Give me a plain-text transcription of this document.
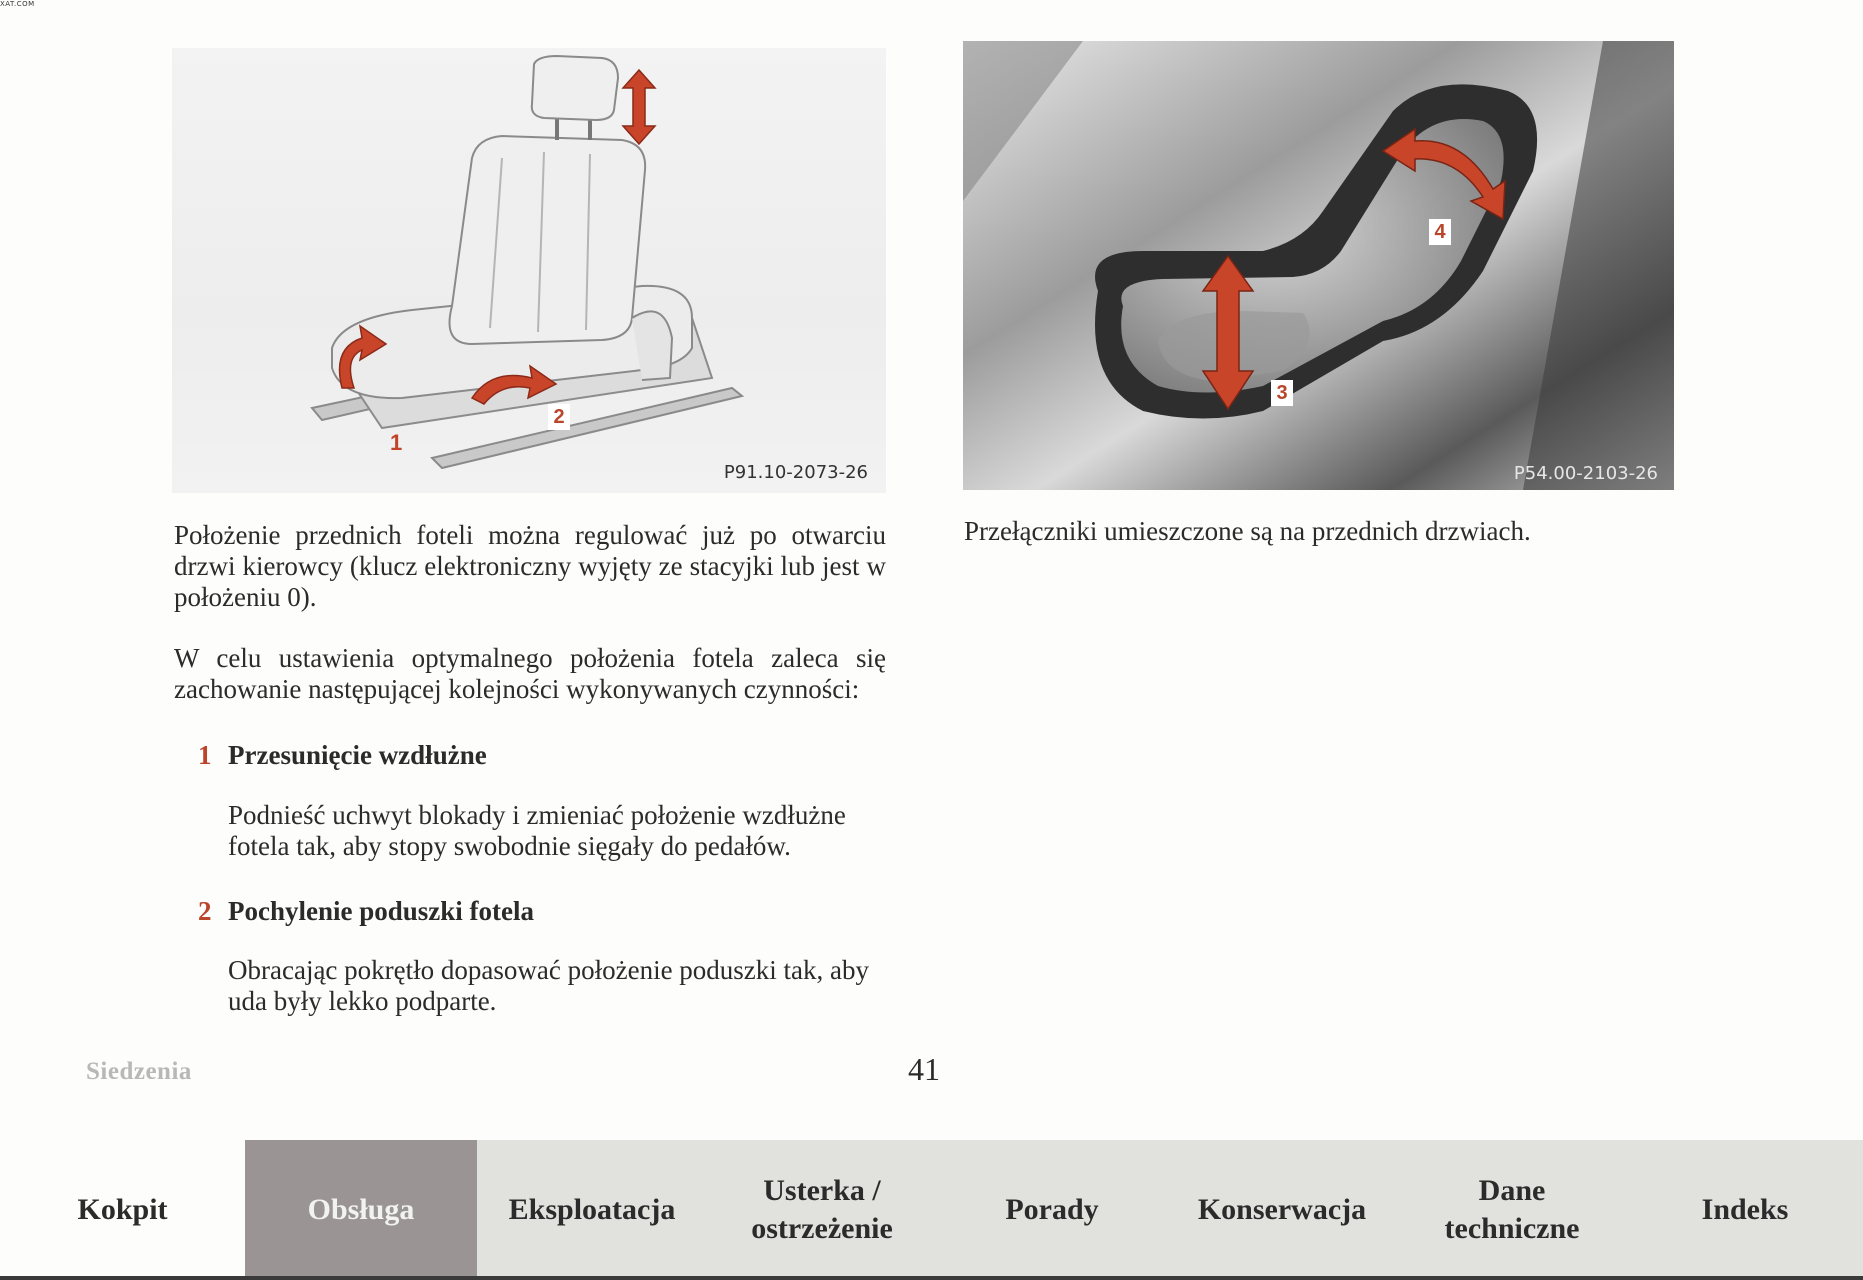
XAT.COM
1
2
P91.10-2073-26
3
4
P54.00-2103-26

Położenie przednich foteli można regulować już po otwarciu drzwi kierowcy (klucz elektroniczny wyjęty ze stacyjki lub jest w położeniu 0).

W celu ustawienia optymalnego położenia fotela zaleca się zachowanie następującej kolejności wykonywanych czynności:

Przełączniki umieszczone są na przednich drzwiach.

1 Przesunięcie wzdłużne

Podnieść uchwyt blokady i zmieniać położenie wzdłużne fotela tak, aby stopy swobodnie sięgały do pedałów.

2 Pochylenie poduszki fotela

Obracając pokrętło dopasować położenie poduszki tak, aby uda były lekko podparte.

Siedzenia	41
Kokpit	Obsługa	Eksploatacja
Usterka /
ostrzeżenie
Porady	Konserwacja
Dane
techniczne
Indeks
